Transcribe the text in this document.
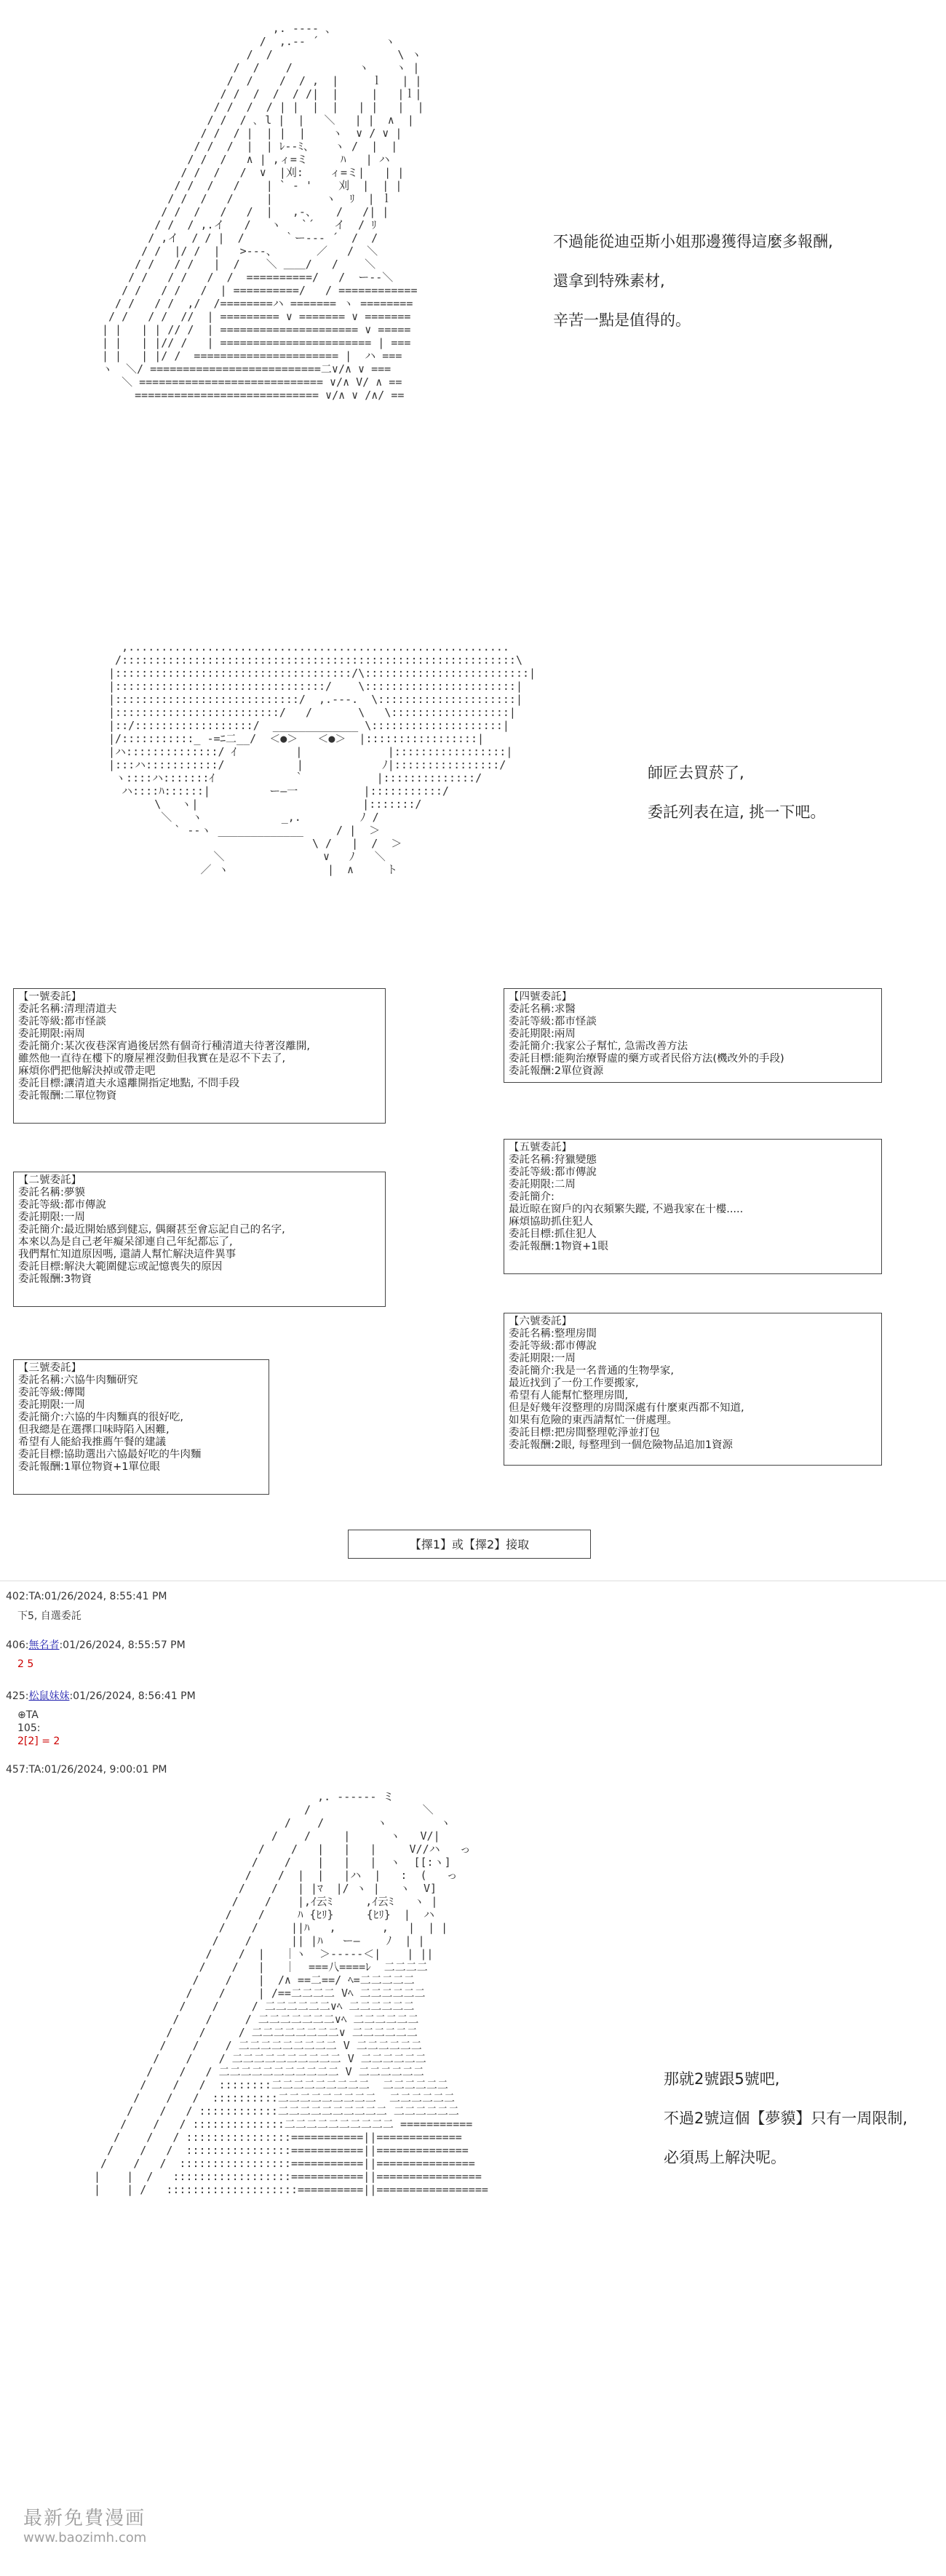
,. ---- 、
/  ,.-‐ ´          ヽ
/  /                   \ ヽ
/  /    /          ヽ    ヽ |
/  /    /  / ,  |     ｌ   | |
/ /  /  /  / /|  |     |   |ｌ|
/ /  /  / | |  |  |   | |   |  |
/ /  / ､ l |  |   ＼   | |  ∧  |
/ /  / |  | |  |    ヽ  ∨ / ∨ |
/ /  /  |  | ﾚ‐-ﾐ、   ヽ /  |  |
/ /  /   ∧ | ,ィ=ミ     ﾊ   | ハ
/ /  /   /  ∨  |刈:    ィ=ミ|   | |
/ /  /   /    | ` ‐ '    刈  |  | |
/ /  /   /     |        ヽ  ﾘ  | ｌ
/ /  /   /   /  |   ,-、   /   /| |
/ /  / ,.イ   /   ヽ   `´   イ  / ﾘ
/ ,イ  / / |  /      ｀ー--‐ ´  /  /
/ /  |/ /  |   >---、      ／   /  ＼
/ /   / /   |  /    ＼ ＿＿/   /    ＼
/ /   / /   /  /  ==========/   /  ー--＼
/ /   / /   /  | ==========/   / ============
/ /   / /  ,/  /========ハ ======= ヽ ========
/ /   / /  //  | ========= ∨ ======= ∨ =======
| |   | | // /  | ===================== ∨ =====
| |   | |// /   | ======================= | ===
| |   | |/ /  ====================== |  ハ ===
ヽ  ＼/ ==========================二∨/∧ ∨ ===
＼ ============================ ∨/∧ V/ ∧ ==
============================ ∨/∧ ∨ /∧/ ==

不過能從迪亞斯小姐那邊獲得這麼多報酬,
還拿到特殊素材,
辛苦一點是值得的。
,..........................................................
/::::::::::::::::::::::::::::::::::::::::::::::::::::::::::::\
|::::::::::::::::::::::::::::::::::::/\:::::::::::::::::::::::::|
|::::::::::::::::::::::::::::::::/    \:::::::::::::::::::::::|
|::::::::::::::::::::::::::::/  ,.-‐-.  \:::::::::::::::::::::|
|:::::::::::::::::::::::::/   /       \   \::::::::::::::::::|
|::/::::::::::::::::::/  _____________ \::::::::::::::::::::|
|/:::::::::::_ -=ﾆ二__/  ＜●＞   ＜●＞  |:::::::::::::::::|
|ハ::::::::::::::/ ｲ         |             |:::::::::::::::::|
|:::ハ:::::::::::/           |            ﾉ|::::::::::::::::/
ヽ::::ハ:::::::ｲ            ｀           |::::::::::::::/
ハ::::ﾊ::::::|         ー―一          |:::::::::::/
\   ヽ|                         |:::::::/
＼   ヽ            _,.         ﾉ /
` ‐-ヽ _____________     / |  ＞
\ /   |  /  ＞
＼               ∨   ﾉ   ＼
／ ヽ               |  ∧     ト

師匠去買菸了,
委託列表在這, 挑一下吧。
【一號委託】
委託名稱:清理清道夫
委託等級:都市怪談
委託期限:兩周
委託簡介:某次夜巷深宵過後居然有個奇行種清道夫待著沒離開,
雖然他一直待在樓下的廢屋裡沒動但我實在是忍不下去了,
麻煩你們把他解決掉或帶走吧
委託目標:讓清道夫永遠離開指定地點, 不問手段
委託報酬:二單位物資
【四號委託】
委託名稱:求醫
委託等級:都市怪談
委託期限:兩周
委託簡介:我家公子幫忙, 急需改善方法
委託目標:能夠治療腎虛的藥方或者民俗方法(機改外的手段)
委託報酬:2單位資源
【二號委託】
委託名稱:夢貘
委託等級:都市傳說
委託期限:一周
委託簡介:最近開始感到健忘, 偶爾甚至會忘記自己的名字,
本來以為是自己老年癡呆卻連自己年紀都忘了,
我們幫忙知道原因嗎, 還請人幫忙解決這件異事
委託目標:解決大範圍健忘或記憶喪失的原因
委託報酬:3物資
【五號委託】
委託名稱:狩獵變態
委託等級:都市傳說
委託期限:二周
委託簡介:
最近晾在窗戶的內衣頻繁失蹤, 不過我家在十樓.....
麻煩協助抓住犯人
委託目標:抓住犯人
委託報酬:1物資+1眼
【六號委託】
委託名稱:整理房間
委託等級:都市傳說
委託期限:一周
委託簡介:我是一名普通的生物學家,
最近找到了一份工作要搬家,
希望有人能幫忙整理房間,
但是好幾年沒整理的房間深處有什麼東西都不知道,
如果有危險的東西請幫忙一併處理。
委託目標:把房間整理乾淨並打包
委託報酬:2眼, 每整理到一個危險物品追加1資源
【三號委託】
委託名稱:六協牛肉麵研究
委託等級:傳聞
委託期限:一周
委託簡介:六協的牛肉麵真的很好吃,
但我總是在選擇口味時陷入困難,
希望有人能給我推薦午餐的建議
委託目標:協助選出六協最好吃的牛肉麵
委託報酬:1單位物資+1單位眼
【擇1】或【擇2】接取
402:TA:01/26/2024, 8:55:41 PM
下5, 自選委託
406:無名者:01/26/2024, 8:55:57 PM
2 5
425:松鼠妹妹:01/26/2024, 8:56:41 PM
⊕TA
105:
2[2] = 2
457:TA:01/26/2024, 9:00:01 PM
,. -‐-‐-- ミ
/                 ＼
/    /        ヽ        ヽ
/    /     |      ヽ   V/|
/    /   |   |   |     V//ハ   っ
/    /    |   |   |  ヽ  [[:ヽ]
/    /  |  |   |ハ  |   :  (   っ
/    /   | |ﾏ  |/ ヽ |   ヽ  V]
/    /    |,ｲ云ﾐ     ,ｲ云ﾐ   ヽ |
/    /     ﾊ {ﾋﾘ}     {ﾋﾘ}  |  ハ
/    /     ||ﾊ   ,       ,   |  | |
/    /      || |ﾊ   ー―    ﾉ  | |
/    /  |   ｜ヽ  ＞-----＜|    | ||
/    /   |   ｜  ===八====ﾚ  二二二二
/    /    |  /∧ ==二==/ ﾍ=二二二二二
/    /     | /==二二二二 Vﾍ 二二二二二二
/    /     / 二二二二二二∨ﾍ 二二二二二二
/    /     / 二二二二二二二∨ﾍ 二二二二二二
/    /     / 二二二二二二二二∨ 二二二二二二
/    /    / 二二二二二二二二二 V 二二二二二二
/    /    / 二二二二二二二二二二 V 二二二二二二
/    /   / 二二二二二二二二二二二 V 二二二二二二
/    /   /  ::::::::二二二二二二二二二  二二二二二二
/    /   /  ::::::::::二二二二二二二二二  二二二二二二
/    /   / ::::::::::::二二二二二二二二二二 二二二二二二
/    /   / ::::::::::::::二二二二二二二二二二 ===========
/    /   / ::::::::::::::::===========||=============
/    /   /  ::::::::::::::::===========||==============
/    /   /  :::::::::::::::::===========||===============
|    |  /   ::::::::::::::::::===========||================
|    | /   ::::::::::::::::::::==========||=================

那就2號跟5號吧,
不過2號這個【夢貘】只有一周限制,
必須馬上解決呢。
最新免費漫画
www.baozimh.com
